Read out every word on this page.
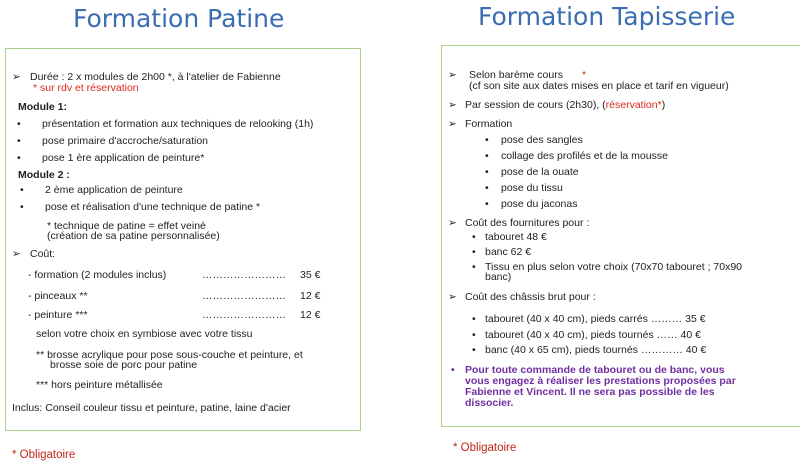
Formation Patine
➢ Durée : 2 x modules de 2h00 *, à l'atelier de Fabienne
* sur rdv et réservation
Module 1:
• présentation et formation aux techniques de relooking (1h)
• pose primaire d'accroche/saturation
• pose 1 ère application de peinture*
Module 2 :
• 2 ème application de peinture
• pose et réalisation d'une technique de patine *
* technique de patine = effet veiné
(création de sa patine personnalisée)
➢ Coût:
- formation (2 modules inclus)	…………………… 35 €
- pinceaux **	…………………… 12 €
- peinture ***	…………………… 12 €
selon votre choix en symbiose avec votre tissu
** brosse acrylique pour pose sous-couche et peinture, et
brosse soie de porc pour patine
*** hors peinture métallisée
Inclus: Conseil couleur tissu et peinture, patine, laine d'acier
* Obligatoire
Formation Tapisserie
➢ Selon barème cours *
(cf son site aux dates mises en place et tarif en vigueur)
➢ Par session de cours (2h30), (réservation*)
➢ Formation
• pose des sangles
• collage des profilés et de la mousse
• pose de la ouate
• pose du tissu
• pose du jaconas
➢ Coût des fournitures pour :
• tabouret 48 €
• banc 62 €
• Tissu en plus selon votre choix (70x70 tabouret ; 70x90
banc)
➢ Coût des châssis brut pour :
• tabouret (40 x 40 cm), pieds carrés ……… 35 €
• tabouret (40 x 40 cm), pieds tournés …… 40 €
• banc (40 x 65 cm), pieds tournés ………… 40 €
• Pour toute commande de tabouret ou de banc, vous
vous engagez à réaliser les prestations proposées par
Fabienne et Vincent. Il ne sera pas possible de les
dissocier.
* Obligatoire
